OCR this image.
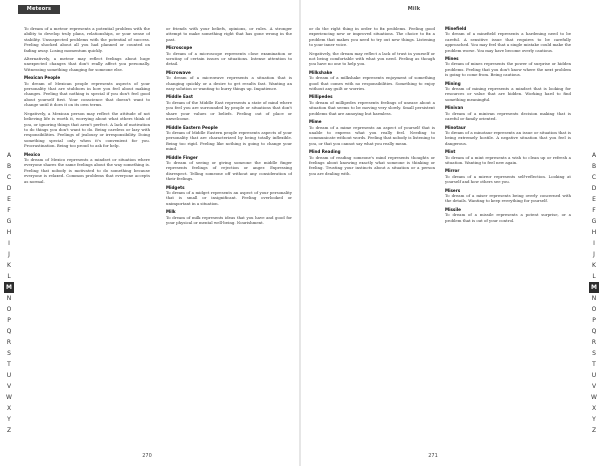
Meteors

To dream of a meteor represents a potential problem with the ability to develop truly plans, relationships, or your sense of stability. Unsuspected problems with the potential of success. Feeling shocked about all you had planned or counted on fading away. Losing momentum quickly.

Alternatively, a meteor may reflect feelings about huge unexpected changes that don't really affect you personally. Witnessing something changing for someone else.

Mexican People

To dream of Mexican people represents aspects of your personality that are stubborn in how you feel about making changes. Feeling that nothing is special if you don't feel good about yourself first. Your conscience that doesn't want to change until it does it on its own terms.

Negatively, a Mexican person may reflect the attitude of not believing life is worth it, worrying about what others think of you, or ignoring things that aren't perfect. A lack of motivation to do things you don't want to do. Being careless or lazy with responsibilities. Feelings of jealousy or irresponsibility. Doing something special only when it's convenient for you. Procrastination. Being too proud to ask for help.

Mexico

To dream of Mexico represents a mindset or situation where everyone shares the same feelings about the way something is. Feeling that nobody is motivated to do something because everyone is relaxed. Common problems that everyone accepts as normal.

or friends with your beliefs, opinions, or rules. A stronger attempt to make something right that has gone wrong in the past.

Microscope

To dream of a microscope represents close examination or scrutiny of certain issues or situations. Intense attention to detail.

Microwave

To dream of a microwave represents a situation that is changing quickly or a desire to get results fast. Wanting an easy solution or wanting to hurry things up. Impatience.

Middle East

To dream of the Middle East represents a state of mind where you feel you are surrounded by people or situations that don't share your values or beliefs. Feeling out of place or unwelcome.

Middle Eastern People

To dream of Middle Eastern people represents aspects of your personality that are characterized by being totally inflexible. Being too rigid. Feeling like nothing is going to change your mind.

Middle Finger

To dream of seeing or giving someone the middle finger represents feelings of rejection or anger. Expressing disrespect. Telling someone off without any consideration of their feelings.

Midgets

To dream of a midget represents an aspect of your personality that is small or insignificant. Feeling overlooked or unimportant in a situation.

Milk

To dream of milk represents ideas that you have and good for your physical or mental well-being. Nourishment.

A
B
C
D
E
F
G
H
I
J
K
L
M
N
O
P
Q
R
S
T
U
V
W
X
Y
Z
270
Milk

or do the right thing in order to fix problems. Feeling good experiencing new or improved situations. The choice to fix a problem that makes you need to try out new things. Listening to your inner voice.

Negatively, the dream may reflect a lack of trust in yourself or not being comfortable with what you need. Feeling as though you have no one to help you.

Milkshake

To dream of a milkshake represents enjoyment of something good that comes with no responsibilities. Something to enjoy without any guilt or worries.

Millipedes

To dream of millipedes represents feelings of unease about a situation that seems to be moving very slowly. Small persistent problems that are annoying but harmless.

Mime

To dream of a mime represents an aspect of yourself that is unable to express what you really feel. Needing to communicate without words. Feeling that nobody is listening to you, or that you cannot say what you really mean.

Mind Reading

To dream of reading someone's mind represents thoughts or feelings about knowing exactly what someone is thinking or feeling. Trusting your instincts about a situation or a person you are dealing with.

Minefield

To dream of a minefield represents a hardening need to be careful. A sensitive issue that requires to be carefully approached. You may feel that a single mistake could make the problem worse. You may have become overly cautious.

Mines

To dream of mines represents the power of surprise or hidden problems. Feeling that you don't know where the next problem is going to come from. Being cautious.

Mining

To dream of mining represents a mindset that is looking for resources or value that are hidden. Working hard to find something meaningful.

Minivan

To dream of a minivan represents decision making that is careful or family oriented.

Minotaur

To dream of a minotaur represents an issue or situation that is being extremely hostile. A negative situation that you feel is dangerous.

Mint

To dream of a mint represents a wish to clean up or refresh a situation. Wanting to feel new again.

Mirror

To dream of a mirror represents self-reflection. Looking at yourself and how others see you.

Misers

To dream of a miser represents being overly concerned with the details. Wanting to keep everything for yourself.

Missile

To dream of a missile represents a potent surprise, or a problem that is out of your control.

A
B
C
D
E
F
G
H
I
J
K
L
M
N
O
P
Q
R
S
T
U
V
W
X
Y
Z
271
